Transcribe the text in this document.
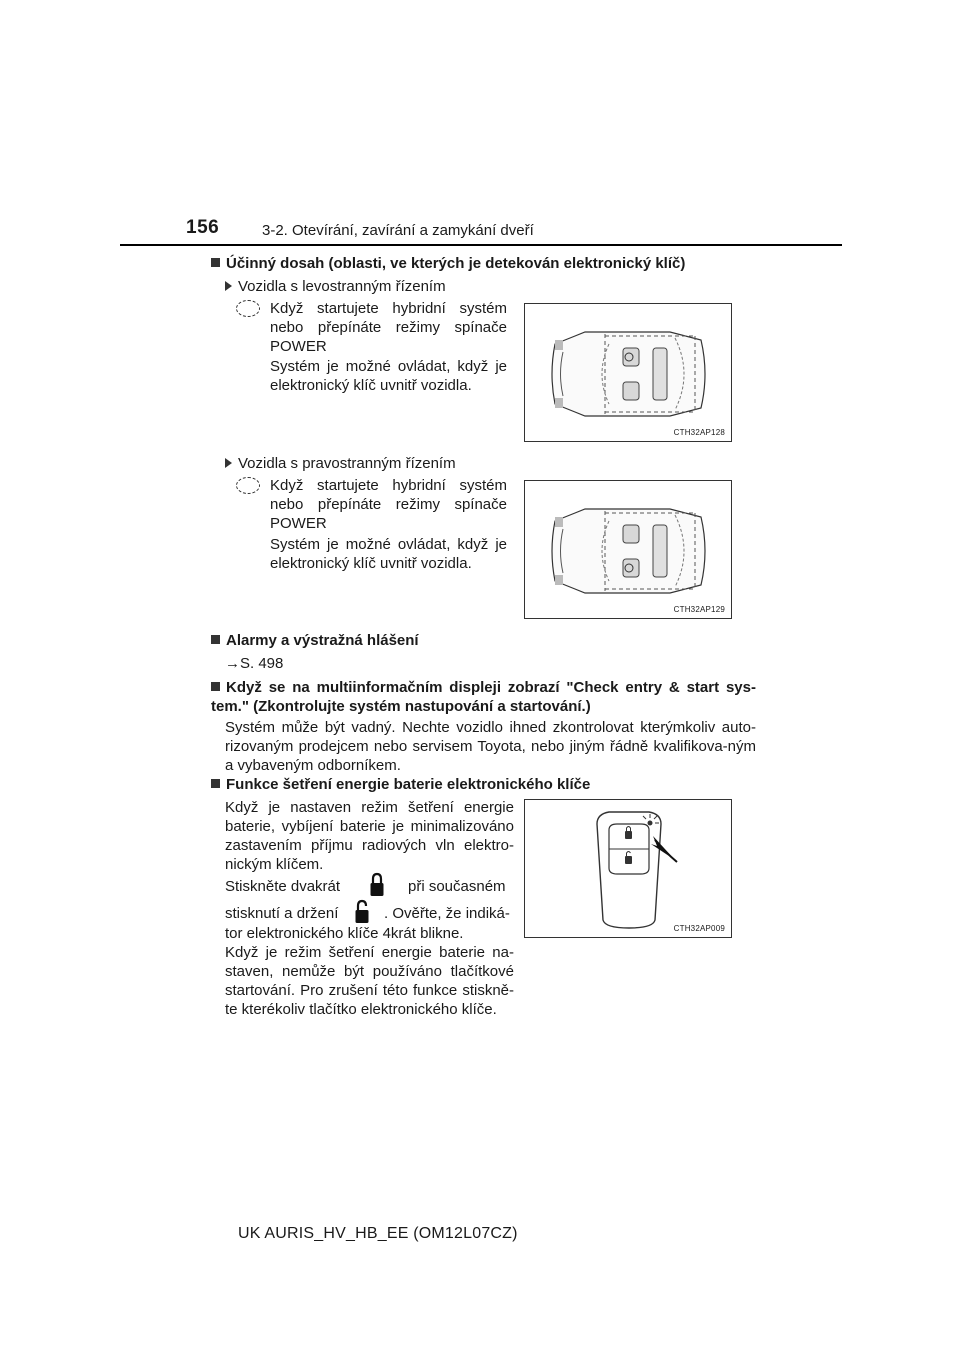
156	3-2. Otevírání, zavírání a zamykání dveří
Účinný dosah (oblasti, ve kterých je detekován elektronický klíč)
Vozidla s levostranným řízením
Když startujete hybridní systém nebo přepínáte režimy spínače POWER
Systém je možné ovládat, když je elektronický klíč uvnitř vozidla.
CTH32AP128
Vozidla s pravostranným řízením
Když startujete hybridní systém nebo přepínáte režimy spínače POWER
Systém je možné ovládat, když je elektronický klíč uvnitř vozidla.
CTH32AP129
Alarmy a výstražná hlášení
→S. 498
Když se na multiinformačním displeji zobrazí "Check entry & start sys-tem." (Zkontrolujte systém nastupování a startování.)
Systém může být vadný. Nechte vozidlo ihned zkontrolovat kterýmkoliv auto-rizovaným prodejcem nebo servisem Toyota, nebo jiným řádně kvalifikova-ným a vybaveným odborníkem.
Funkce šetření energie baterie elektronického klíče
Když je nastaven režim šetření energie baterie, vybíjení baterie je minimalizováno zastavením příjmu radiových vln elektro-nickým klíčem.
Stiskněte dvakrát	při současném
stisknutí a držení	. Ověřte, že indiká-
tor elektronického klíče 4krát blikne.
Když je režim šetření energie baterie na-staven, nemůže být používáno tlačítkové startování. Pro zrušení této funkce stiskně-te kterékoliv tlačítko elektronického klíče.
CTH32AP009
UK AURIS_HV_HB_EE (OM12L07CZ)
